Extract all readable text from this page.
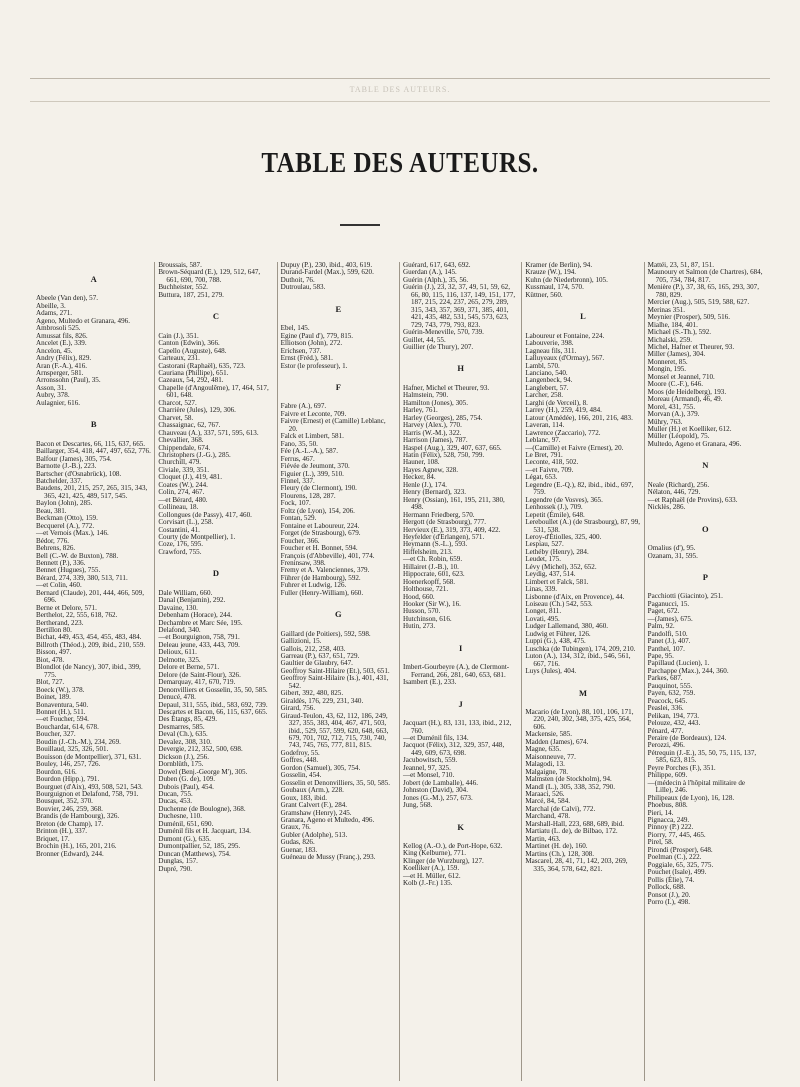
TABLE DES AUTEURS.
TABLE DES AUTEURS.
A
Abeele (Van den), 57.
Abeille, 3.
Adams, 271.
Ageno, Multedo et Granara, 496.
Ambrosoli 525.
Amussat fils, 826.
Ancelet (E.), 339.
Ancelon, 45.
Andry (Félix), 829.
Aran (F.-A.), 416.
Arnsperger, 581.
Arronssohn (Paul), 35.
Asson, 31.
Aubry, 378.
Aulagnier, 616.
B
Bacon et Descartes, 66, 115, 637, 665.
Baillarger, 354, 418, 447, 497, 652, 776.
Balfour (James), 305, 754.
Barnotte (J.-B.), 223.
Bartscher (d'Osnabrück), 108.
Batchelder, 337.
Baudens, 201, 215, 257, 265, 315, 343, 365, 421, 425, 489, 517, 545.
Baylon (John), 285.
Beau, 381.
Beckman (Otto), 159.
Becquerel (A.), 772.
—et Vernois (Max.), 146.
Bédor, 776.
Behrens, 826.
Bell (C.-W. de Buxton), 788.
Bennett (P.), 336.
Bennet (Hugues), 755.
Bérard, 274, 339, 380, 513, 711.
—et Colin, 460.
Bernard (Claude), 201, 444, 466, 509, 696.
Berne et Delore, 571.
Berthelot, 22, 555, 618, 762.
Bertherand, 223.
Bertillon 80.
Bichat, 449, 453, 454, 455, 483, 484.
Billroth (Théod.), 209, ibid., 210, 559.
Bisson, 497.
Biot, 478.
Blondlot (de Nancy), 307, ibid., 399, 775.
Blot, 727.
Boeck (W.), 378.
Boinet, 189.
Bonaventura, 540.
Bonnet (H.), 511.
—et Foucher, 594.
Bouchardat, 614, 678.
Boucher, 327.
Boudin (J.-Ch.-M.), 234, 269.
Bouillaud, 325, 326, 501.
Bouisson (de Montpellier), 371, 631.
Bouley, 146, 257, 726.
Bourdon, 616.
Bourdon (Hipp.), 791.
Bourguet (d'Aix), 493, 508, 521, 543.
Bourguignon et Delafond, 758, 791.
Bousquet, 352, 370.
Bouvier, 246, 259, 368.
Brandis (de Hambourg), 326.
Breton (de Champ), 17.
Brinton (H.), 337.
Briquet, 17.
Brochin (H.), 165, 201, 216.
Bronner (Edward), 244.
Broussais, 587.
Brown-Séquard (E.), 129, 512, 647, 661, 690, 700, 788.
Buchheister, 552.
Buttura, 187, 251, 279.
C
Cain (J.), 351.
Canton (Edwin), 366.
Capello (Auguste), 648.
Carteaux, 231.
Castorani (Raphaël), 635, 723.
Cauriana (Phillipe), 651.
Cazeaux, 54, 292, 481.
Chapelle (d'Angoulême), 17, 464, 517, 601, 648.
Charcot, 527.
Charrière (Jules), 129, 306.
Charvet, 58.
Chassaignac, 62, 767.
Chauveau (A.), 337, 571, 595, 613.
Chevallier, 368.
Chippendale, 674.
Christophers (J.-G.), 285.
Churchill, 479.
Civiale, 339, 351.
Cloquet (J.), 419, 481.
Coates (W.), 244.
Colin, 274, 467.
—et Bérard, 480.
Collineau, 18.
Collongues (de Passy), 417, 460.
Corvisart (L.), 258.
Costantini, 41.
Courty (de Montpellier), 1.
Coze, 176, 595.
Crawford, 755.
D
Dale William, 660.
Danal (Benjamin), 292.
Davaine, 130.
Debenham (Horace), 244.
Dechambre et Marc Sée, 195.
Delafond, 340.
—et Bourguignon, 758, 791.
Deleau jeune, 433, 443, 709.
Delioux, 611.
Delmotte, 325.
Delore et Berne, 571.
Delore (de Saint-Flour), 326.
Demarquay, 417, 670, 719.
Denonvilliers et Gosselin, 35, 50, 585.
Denucé, 478.
Depaul, 311, 555, ibid., 583, 692, 739.
Descartes et Bacon, 66, 115, 637, 665.
Des Étangs, 85, 429.
Desmarres, 585.
Deval (Ch.), 635.
Devalez, 308, 310.
Devergie, 212, 352, 500, 698.
Dickson (J.), 256.
Dornblüth, 175.
Dowel (Benj.-George M'), 305.
Duben (G. de), 109.
Dubois (Paul), 454.
Ducan, 755.
Ducas, 453.
Duchenne (de Boulogne), 368.
Duchesne, 110.
Duménil, 651, 690.
Duménil fils et H. Jacquart, 134.
Dumont (G.), 635.
Dumontpallier, 52, 185, 295.
Duncan (Matthews), 754.
Dunglas, 157.
Dupré, 790.
Dupuy (P.), 230, ibid., 403, 619.
Durand-Fardel (Max.), 599, 620.
Duthoit, 76.
Dutroulau, 583.
E
Ebel, 145.
Egine (Paul d'), 779, 815.
Elliotson (John), 272.
Erichsen, 737.
Ernst (Fréd.), 581.
Estor (le professeur), 1.
F
Fabre (A.), 697.
Faivre et Leconte, 709.
Faivre (Ernest) et (Camille) Leblanc, 20.
Falck et Limbert, 581.
Fano, 35, 50.
Fée (A.-L.-A.), 587.
Ferrus, 467.
Fiévée de Jeumont, 370.
Figuier (L.), 399, 510.
Finnel, 337.
Fleury (de Clermont), 190.
Flourens, 128, 287.
Fock, 107.
Foltz (de Lyon), 154, 206.
Fontan, 529.
Fontaine et Laboureur, 224.
Forget (de Strasbourg), 679.
Foucher, 366.
Foucher et H. Bonnet, 594.
François (d'Abbeville), 401, 774.
Freninsaw, 398.
Fremy et A. Valenciennes, 379.
Führer (de Hambourg), 592.
Fuhrer et Ludwig, 126.
Fuller (Henry-William), 660.
G
Gaillard (de Poitiers), 592, 598.
Gallizioni, 15.
Gallois, 212, 258, 403.
Garreau (P.), 637, 651, 729.
Gaultier de Glaubry, 647.
Geoffroy Saint-Hilaire (Et.), 503, 651.
Geoffroy Saint-Hilaire (Is.), 401, 431, 542.
Gibert, 392, 480, 825.
Giraldès, 176, 229, 231, 340.
Girard, 756.
Giraud-Teulon, 43, 62, 112, 186, 249, 327, 355, 383, 404, 467, 471, 503, ibid., 529, 557, 599, 620, 648, 663, 679, 701, 702, 712, 715, 730, 740, 743, 745, 765, 777, 811, 815.
Godefroy, 55.
Goffres, 448.
Gordon (Samuel), 305, 754.
Gosselin, 454.
Gosselin et Denonvilliers, 35, 50, 585.
Goubaux (Arm.), 228.
Goux, 183, ibid.
Grant Calvert (F.), 284.
Gramshaw (Henry), 245.
Granara, Ageno et Multedo, 496.
Graux, 76.
Gubler (Adolphe), 513.
Gudas, 826.
Guenar, 183.
Guéneau de Mussy (Franç.), 293.
Guérard, 617, 643, 692.
Guerdan (A.), 145.
Guérin (Alph.), 35, 56.
Guérin (J.), 23, 32, 37, 49, 51, 59, 62, 66, 80, 115, 116, 137, 149, 151, 177, 187, 215, 224, 237, 265, 279, 289, 315, 343, 357, 369, 371, 385, 401, 421, 435, 482, 531, 545, 573, 623, 729, 743, 779, 793, 823.
Guérin-Meneville, 570, 739.
Guillet, 44, 55.
Guillier (de Thury), 207.
H
Hafner, Michel et Theurer, 93.
Halmstein, 790.
Hamilton (Jones), 305.
Harley, 761.
Harley (Georges), 285, 754.
Harvey (Alex.), 770.
Harris (W.-M.), 322.
Harrison (James), 787.
Haspel (Aug.), 329, 407, 637, 665.
Hatin (Félix), 528, 750, 799.
Hauner, 108.
Hayes Agnew, 328.
Hecker, 84.
Henle (J.), 174.
Henry (Bernard), 323.
Henry (Ossian), 161, 195, 211, 380, 498.
Hermann Friedberg, 570.
Hergott (de Strasbourg), 777.
Hervieux (E.), 319, 373, 409, 422.
Heyfelder (d'Erlangen), 571.
Heymann (S.-L.), 593.
Hiffelsheim, 213.
—et Ch. Robin, 659.
Hillairet (J.-B.), 10.
Hippocrate, 601, 623.
Hoenerkopff, 568.
Holthouse, 721.
Hood, 660.
Hooker (Sir W.), 16.
Husson, 570.
Hutchinson, 616.
Hutin, 273.
I
Imbert-Gourbeyre (A.), de Clermont-Ferrand, 266, 281, 640, 653, 681.
Isambert (E.), 233.
J
Jacquart (H.), 83, 131, 133, ibid., 212, 760.
—et Duménil fils, 134.
Jacquot (Félix), 312, 329, 357, 448, 449, 609, 673, 698.
Jacubowitsch, 559.
Jeannel, 97, 325.
—et Monsel, 710.
Jobert (de Lamballe), 446.
Johnston (David), 304.
Jones (G.-M.), 257, 673.
Jung, 568.
K
Kellog (A.-O.), de Port-Hope, 632.
King (Kelburne), 771.
Klinger (de Wurzburg), 127.
Koelliker (A.), 159.
—et H. Müller, 612.
Kolb (J.-Fr.) 135.
Kramer (de Berlin), 94.
Krauze (W.), 194.
Kuhn (de Niederbronn), 105.
Kussmaul, 174, 570.
Küttner, 560.
L
Laboureur et Fontaine, 224.
Labouverie, 398.
Lagneau fils, 311.
Lalluyeaux (d'Ormay), 567.
Lambl, 570.
Lanciano, 540.
Langenbeck, 94.
Langlebert, 57.
Larcher, 258.
Larghi (de Verceil), 8.
Larrey (H.), 259, 419, 484.
Latour (Amédée), 166, 201, 216, 483.
Laveran, 114.
Lawrence (Zaccario), 772.
Leblanc, 97.
—(Camille) et Faivre (Ernest), 20.
Le Bret, 791.
Leconte, 418, 502.
—et Faivre, 709.
Légat, 653.
Legendre (E.-Q.), 82, ibid., ibid., 697, 759.
Legendre (de Vosves), 365.
Lenhossek (J.), 709.
Lepetit (Émile), 648.
Lereboullet (A.) (de Strasbourg), 87, 99, 531, 538.
Leroy-d'Étiolles, 325, 400.
Lespiau, 527.
Lethéby (Henry), 284.
Leudet, 175.
Lévy (Michel), 352, 652.
Leydig, 437, 514.
Limbert et Falck, 581.
Linas, 339.
Lisbonne (d'Aix, en Provence), 44.
Loiseau (Ch.) 542, 553.
Longet, 811.
Lovati, 495.
Ludger Lallemand, 380, 460.
Ludwig et Führer, 126.
Luppi (G.), 438, 475.
Luschka (de Tubingen), 174, 209, 210.
Luton (A.), 134, 312, ibid., 546, 561, 667, 716.
Luys (Jules), 404.
M
Macario (de Lyon), 88, 101, 106, 171, 220, 240, 302, 348, 375, 425, 564, 606.
Mackensie, 585.
Madden (James), 674.
Magne, 635.
Maisonneuve, 77.
Malagodi, 13.
Malgaigne, 78.
Malmsten (de Stockholm), 94.
Mandl (L.), 305, 338, 352, 790.
Maraaci, 526.
Marcé, 84, 584.
Marchal (de Calvi), 772.
Marchand, 478.
Marshall-Hall, 223, 688, 689, ibid.
Martiatu (L. de), de Bilbao, 172.
Martin, 463.
Martinet (H. de), 160.
Martins (Ch.), 128, 308.
Mascarel, 28, 41, 71, 142, 203, 269, 335, 364, 578, 642, 821.
Mattéi, 23, 51, 87, 151.
Maunoury et Salmon (de Chartres), 684, 705, 734, 784, 817.
Menière (P.), 37, 38, 65, 165, 293, 307, 780, 829.
Mercier (Aug.), 505, 519, 588, 627.
Merinas 351.
Meynier (Prosper), 509, 516.
Mialhe, 184, 401.
Michael (S.-Th.), 592.
Michalski, 259.
Michel, Hafner et Theurer, 93.
Miller (James), 304.
Monneret, 85.
Mongin, 195.
Monsel et Jeannel, 710.
Moore (C.-F.), 646.
Moos (de Heidelberg), 193.
Moreau (Armand), 46, 49.
Morel, 431, 755.
Morvan (A.), 379.
Mühry, 763.
Muller (H.) et Koelliker, 612.
Müller (Léopold), 75.
Multedo, Ageno et Granara, 496.
N
Neale (Richard), 256.
Nélaton, 446, 729.
—et Raphaël (de Provins), 633.
Nicklès, 286.
O
Omalius (d'), 95.
Ozanam, 31, 595.
P
Pacchiotti (Giacinto), 251.
Paganucci, 15.
Paget, 672.
—(James), 675.
Palm, 92.
Pandolfi, 510.
Panet (J.), 407.
Panthel, 107.
Pape, 95.
Papillaud (Lucien), 1.
Parchappe (Max.), 244, 360.
Parkes, 687.
Pauquinot, 555.
Payen, 632, 759.
Peacock, 645.
Peaslei, 336.
Pelikan, 194, 773.
Pelouze, 432, 443.
Pénard, 477.
Peraire (de Bordeaux), 124.
Perozzi, 496.
Pétrequin (J.-E.), 35, 50, 75, 115, 137, 585, 623, 815.
Peyre Porches (F.), 351.
Philippe, 609.
—(médecin à l'hôpital militaire de Lille), 246.
Philipeaux (de Lyon), 16, 128.
Phoebus, 808.
Pieri, 14.
Pignacca, 249.
Pinnoy (P.) 222.
Piorry, 77, 445, 465.
Pirel, 58.
Pirondi (Prosper), 648.
Poelman (C.), 222.
Poggiale, 65, 325, 775.
Pouchet (Isale), 499.
Pollis (Élie), 74.
Pollock, 688.
Ponsot (J.), 20.
Porro (I.), 498.
